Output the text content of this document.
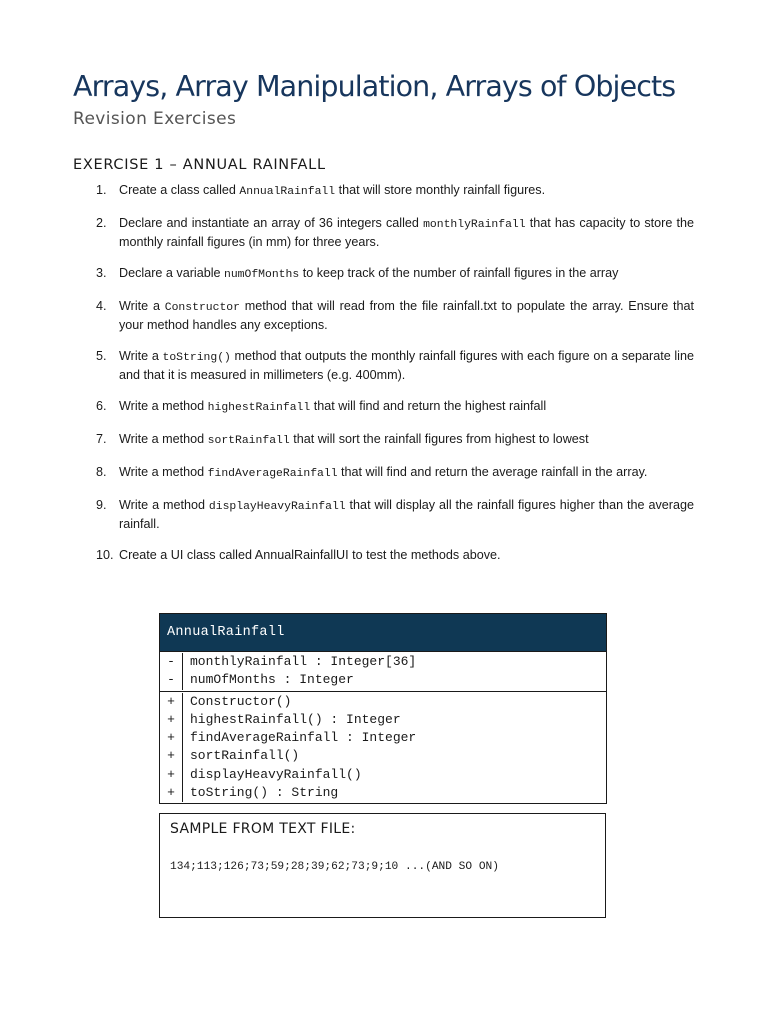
Arrays, Array Manipulation, Arrays of Objects
Revision Exercises
EXERCISE 1 – ANNUAL RAINFALL
1. Create a class called AnnualRainfall that will store monthly rainfall figures.
2. Declare and instantiate an array of 36 integers called monthlyRainfall that has capacity to store the monthly rainfall figures (in mm) for three years.
3. Declare a variable numOfMonths to keep track of the number of rainfall figures in the array
4. Write a Constructor method that will read from the file rainfall.txt to populate the array. Ensure that your method handles any exceptions.
5. Write a toString() method that outputs the monthly rainfall figures with each figure on a separate line and that it is measured in millimeters (e.g. 400mm).
6. Write a method highestRainfall that will find and return the highest rainfall
7. Write a method sortRainfall that will sort the rainfall figures from highest to lowest
8. Write a method findAverageRainfall that will find and return the average rainfall in the array.
9. Write a method displayHeavyRainfall that will display all the rainfall figures higher than the average rainfall.
10. Create a UI class called AnnualRainfallUI to test the methods above.
AnnualRainfall
-	monthlyRainfall : Integer[36]
-	numOfMonths : Integer
+	Constructor()
+	highestRainfall() : Integer
+	findAverageRainfall : Integer
+	sortRainfall()
+	displayHeavyRainfall()
+	toString() : String
SAMPLE FROM TEXT FILE:
134;113;126;73;59;28;39;62;73;9;10 ...(AND SO ON)
